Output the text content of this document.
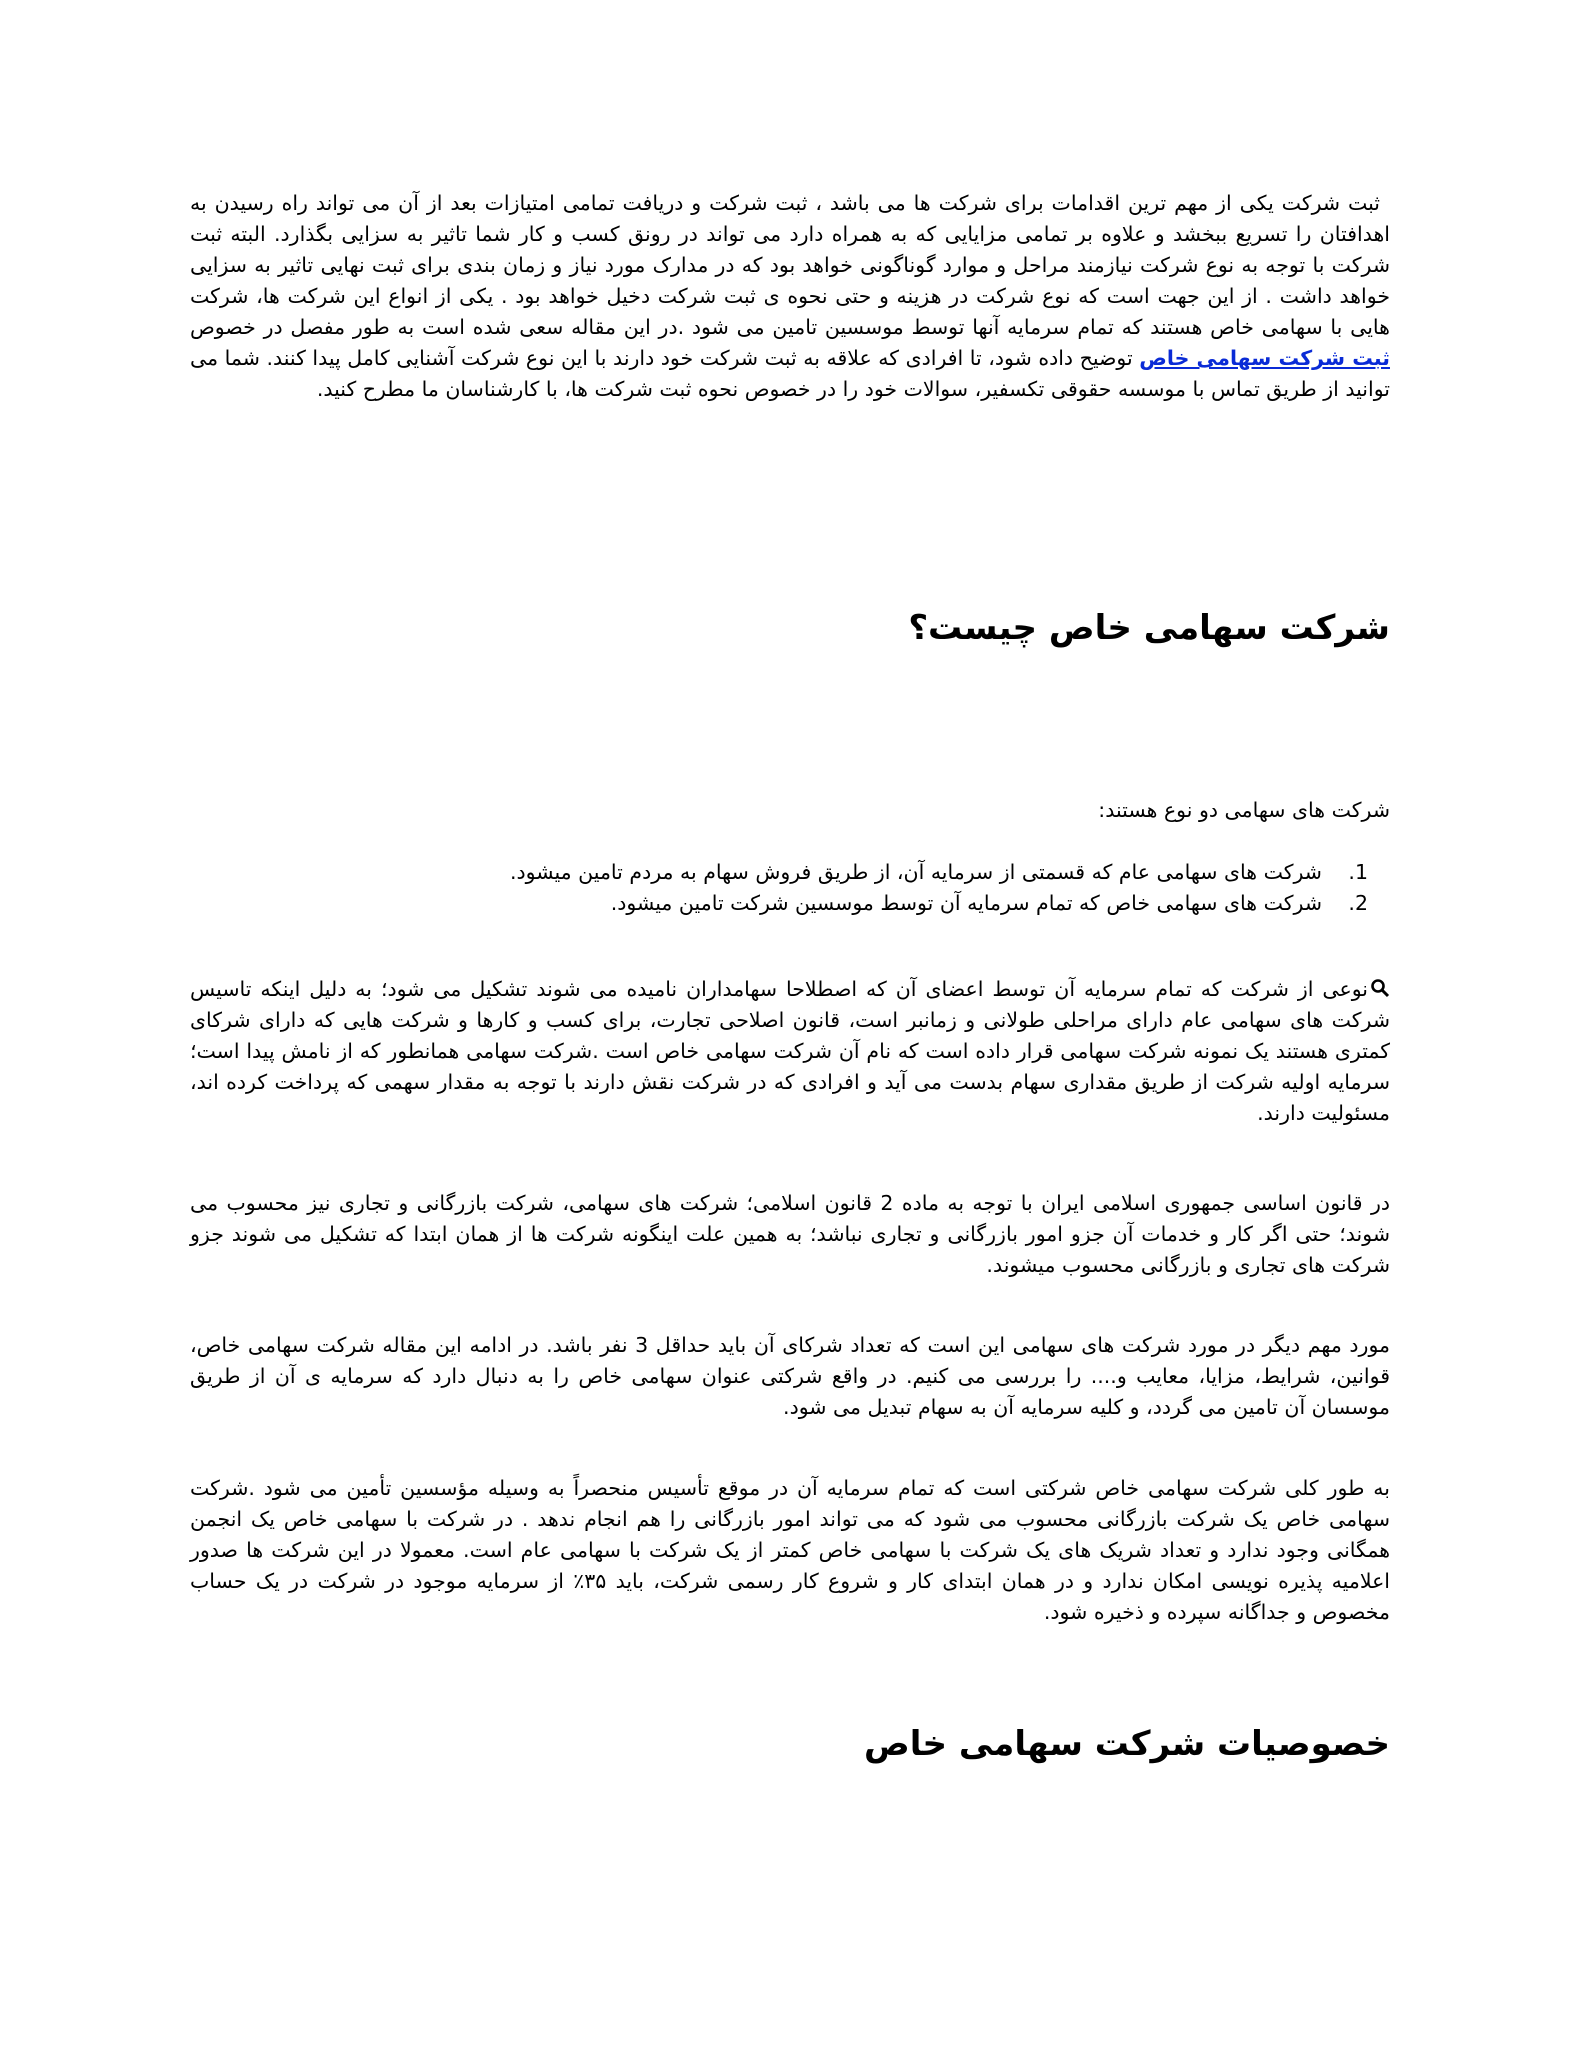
ثبت شرکت یکی از مهم ترین اقدامات برای شرکت ها می باشد ، ثبت شرکت و دریافت تمامی امتیازات بعد از آن می تواند راه رسیدن به اهدافتان را تسریع ببخشد و علاوه بر تمامی مزایایی که به همراه دارد می تواند در رونق کسب و کار شما تاثیر به سزایی بگذارد. البته ثبت شرکت با توجه به نوع شرکت نیازمند مراحل و موارد گوناگونی خواهد بود که در مدارک مورد نیاز و زمان بندی برای ثبت نهایی تاثیر به سزایی خواهد داشت . از این جهت است که نوع شرکت در هزینه و حتی نحوه ی ثبت شرکت دخیل خواهد بود . یکی از انواع این شرکت ها، شرکت هایی با سهامی خاص هستند که تمام سرمایه آنها توسط موسسین تامین می شود .در این مقاله سعی شده است به طور مفصل در خصوص ثبت شرکت سهامی خاص توضیح داده شود، تا افرادی که علاقه به ثبت شرکت خود دارند با این نوع شرکت آشنایی کامل پیدا کنند. شما می توانید از طریق تماس با موسسه حقوقی تکسفیر، سوالات خود را در خصوص نحوه ثبت شرکت ها، با کارشناسان ما مطرح کنید.

شرکت سهامی خاص چیست؟

شرکت های سهامی دو نوع هستند:

1.
شرکت های سهامی عام که قسمتی از سرمایه آن، از طریق فروش سهام به مردم تامین میشود.
2.
شرکت های سهامی خاص که تمام سرمایه آن توسط موسسین شرکت تامین میشود.

نوعی از شرکت که تمام سرمایه آن توسط اعضای آن که اصطلاحا سهامداران نامیده می شوند تشکیل می شود؛ به دلیل اینکه تاسیس شرکت های سهامی عام دارای مراحلی طولانی و زمانبر است، قانون اصلاحی تجارت، برای کسب و کارها و شرکت هایی که دارای شرکای کمتری هستند یک نمونه شرکت سهامی قرار داده است که نام آن شرکت سهامی خاص است .شرکت سهامی همانطور که از نامش پیدا است؛ سرمایه اولیه شرکت از طریق مقداری سهام بدست می آید و افرادی که در شرکت نقش دارند با توجه به مقدار سهمی که پرداخت کرده اند، مسئولیت دارند.

در قانون اساسی جمهوری اسلامی ایران با توجه به ماده 2 قانون اسلامی؛ شرکت های سهامی، شرکت بازرگانی و تجاری نیز محسوب می شوند؛ حتی اگر کار و خدمات آن جزو امور بازرگانی و تجاری نباشد؛ به همین علت اینگونه شرکت ها از همان ابتدا که تشکیل می شوند جزو شرکت های تجاری و بازرگانی محسوب میشوند.

مورد مهم دیگر در مورد شرکت های سهامی این است که تعداد شرکای آن باید حداقل 3 نفر باشد. در ادامه این مقاله شرکت سهامی خاص، قوانین، شرایط، مزایا، معایب و.... را بررسی می کنیم. در واقع شرکتی عنوان سهامی خاص را به دنبال دارد که سرمایه ی آن از طریق موسسان آن تامین می گردد، و کلیه سرمایه آن به سهام تبدیل می شود.

به طور کلی شرکت سهامی خاص شرکتی است که تمام سرمایه آن در موقع تأسیس منحصراً به وسیله مؤسسین تأمین می شود .شرکت سهامی خاص یک شرکت بازرگانی محسوب می شود که می تواند امور بازرگانی را هم انجام ندهد . در شرکت با سهامی خاص یک انجمن همگانی وجود ندارد و تعداد شریک های یک شرکت با سهامی خاص کمتر از یک شرکت با سهامی عام است. معمولا در این شرکت ها صدور اعلامیه پذیره نویسی امکان ندارد و در همان ابتدای کار و شروع کار رسمی شرکت، باید ۳۵٪ از سرمایه موجود در شرکت در یک حساب مخصوص و جداگانه سپرده و ذخیره شود.

خصوصیات شرکت سهامی خاص
